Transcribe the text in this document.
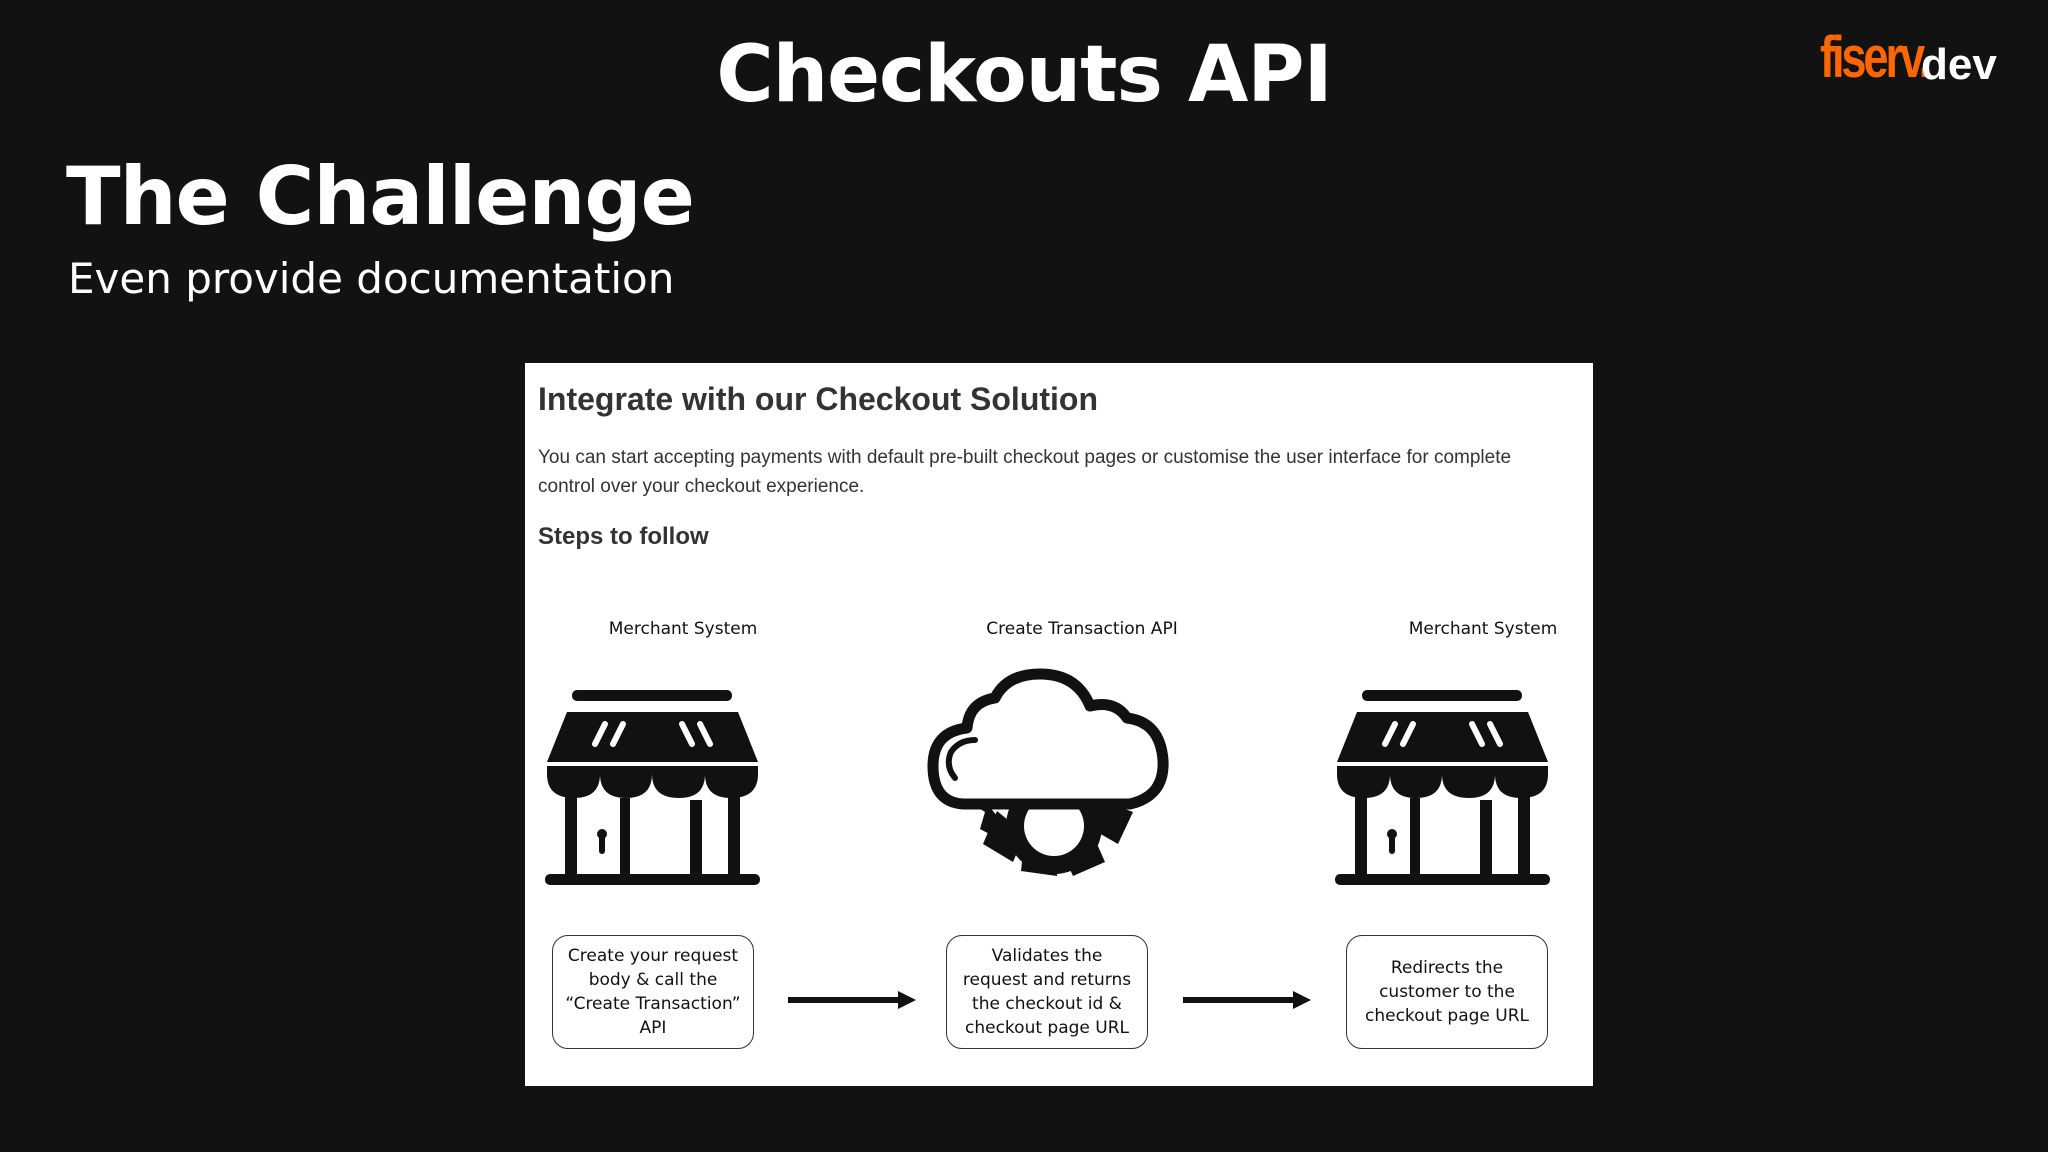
Checkouts API	fiserv.
dev
The Challenge
Even provide documentation
Integrate with our Checkout Solution

You can start accepting payments with default pre-built checkout pages or customise the user interface for complete control over your checkout experience.

Steps to follow
Merchant System	Create Transaction API	Merchant System
Create your request body & call the “Create Transaction” API
Validates the request and returns the checkout id & checkout page URL
Redirects the customer to the checkout page URL
